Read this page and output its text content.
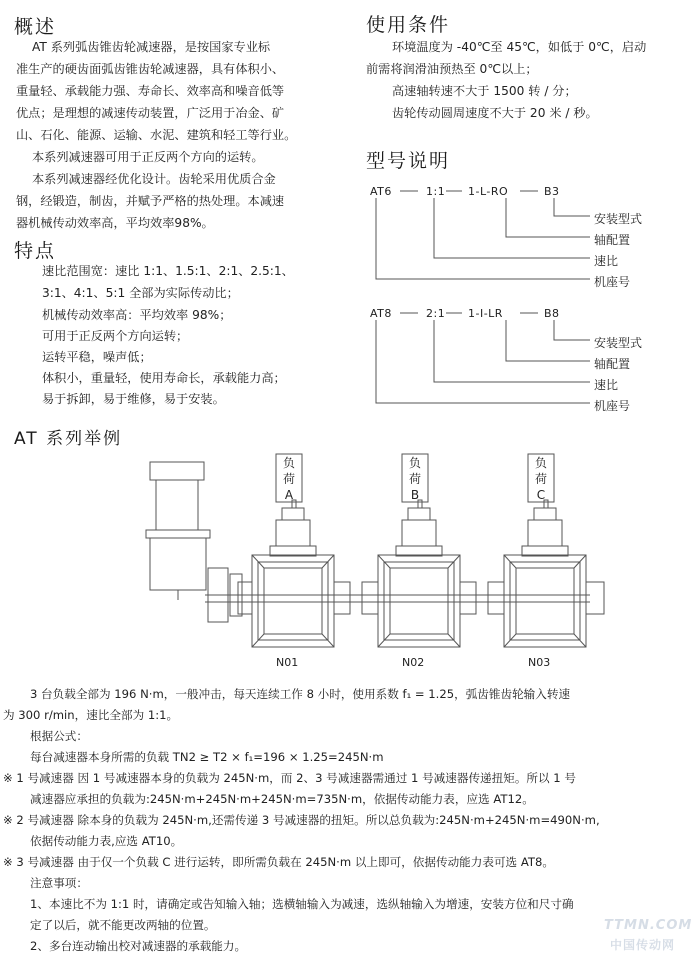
概述
AT 系列弧齿锥齿轮减速器，是按国家专业标
准生产的硬齿面弧齿锥齿轮减速器，具有体积小、
重量轻、承载能力强、寿命长、效率高和噪音低等
优点；是理想的减速传动装置，广泛用于冶金、矿
山、石化、能源、运输、水泥、建筑和轻工等行业。
本系列减速器可用于正反两个方向的运转。
本系列减速器经优化设计。齿轮采用优质合金
钢，经锻造，制齿，并赋予严格的热处理。本减速
器机械传动效率高，平均效率98%。
特点
速比范围宽：速比 1:1、1.5:1、2:1、2.5:1、
3:1、4:1、5:1 全部为实际传动比；
机械传动效率高：平均效率 98%；
可用于正反两个方向运转；
运转平稳，噪声低；
体积小，重量轻，使用寿命长，承载能力高；
易于拆卸，易于维修，易于安装。
使用条件
环境温度为 -40℃至 45℃，如低于 0℃，启动
前需将润滑油预热至 0℃以上；
高速轴转速不大于 1500 转 / 分；
齿轮传动圆周速度不大于 20 米 / 秒。
型号说明
AT6	1:1 1-L-RO	B3
安装型式
轴配置
速比
机座号
AT8	2:1 1-I-LR	B8
安装型式
轴配置
速比
机座号
AT 系列举例
负
荷
A
负
荷
B
负
荷
C
N01	N02	N03
3 台负载全部为 196 N·m，一般冲击，每天连续工作 8 小时，使用系数 f₁ = 1.25，弧齿锥齿轮输入转速
为 300 r/min，速比全部为 1:1。
根据公式：
每台减速器本身所需的负载 TN2 ≥ T2 × f₁=196 × 1.25=245N·m
※ 1 号减速器 因 1 号减速器本身的负载为 245N·m，而 2、3 号减速器需通过 1 号减速器传递扭矩。所以 1 号
减速器应承担的负载为:245N·m+245N·m+245N·m=735N·m，依据传动能力表，应选 AT12。
※ 2 号减速器 除本身的负载为 245N·m,还需传递 3 号减速器的扭矩。所以总负载为:245N·m+245N·m=490N·m,
依据传动能力表,应选 AT10。
※ 3 号减速器 由于仅一个负载 C 进行运转，即所需负载在 245N·m 以上即可，依据传动能力表可选 AT8。
注意事项：
1、本速比不为 1:1 时，请确定或告知输入轴；选横轴输入为减速，选纵轴输入为增速，安装方位和尺寸确
定了以后，就不能更改两轴的位置。
2、多台连动输出校对减速器的承载能力。
TTMN.COM
中国传动网
